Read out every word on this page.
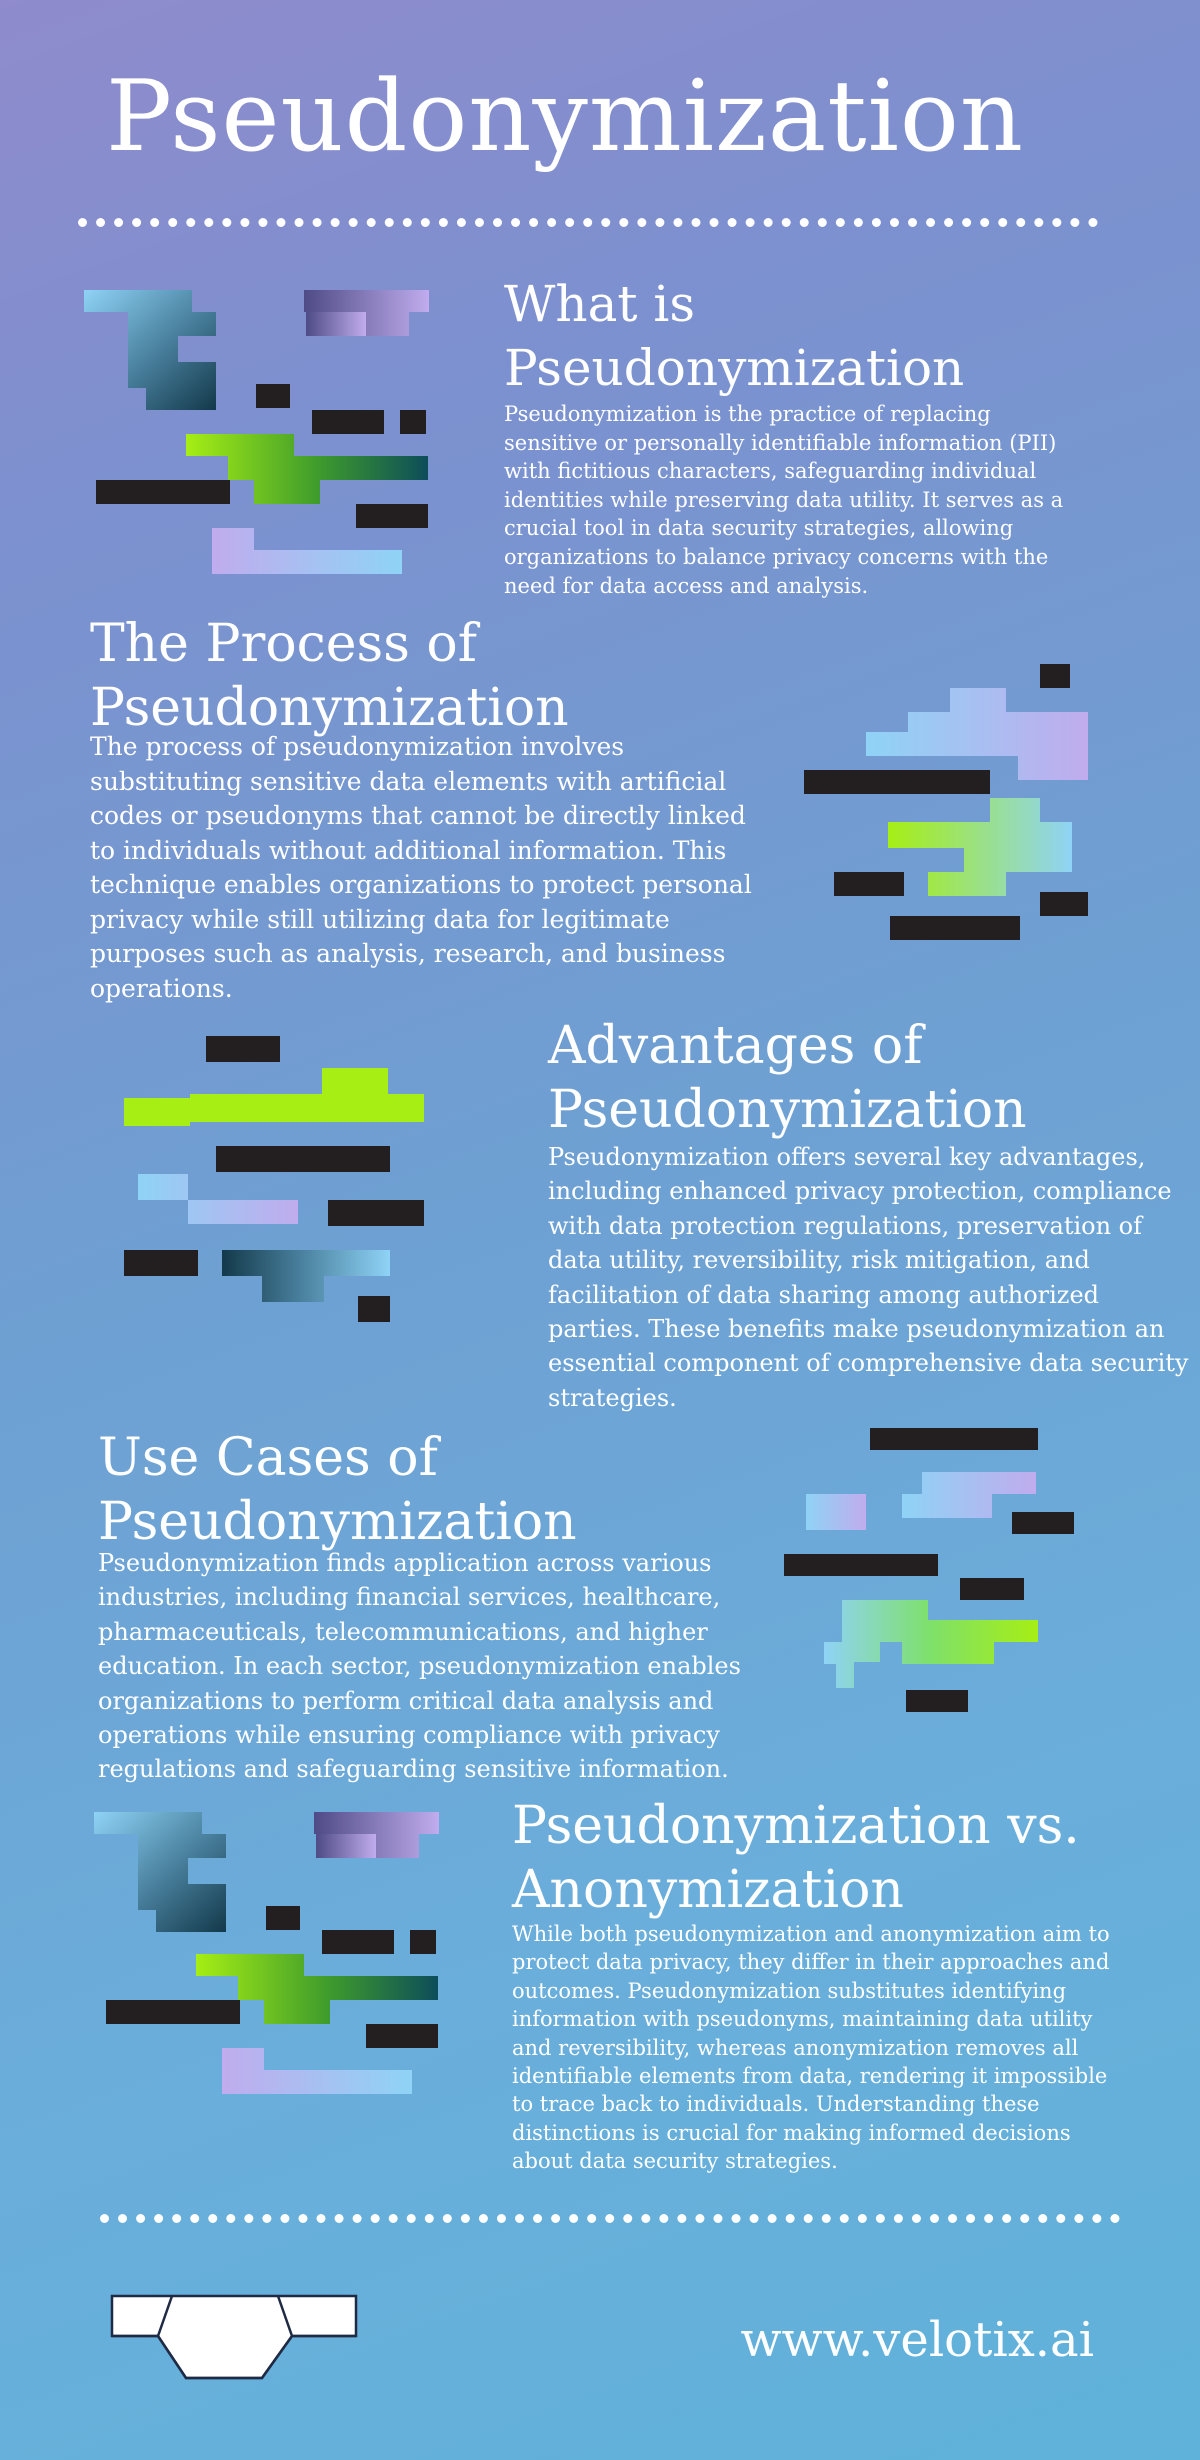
Pseudonymization
What is
Pseudonymization

Pseudonymization is the practice of replacing sensitive or personally identifiable information (PII) with fictitious characters, safeguarding individual identities while preserving data utility. It serves as a crucial tool in data security strategies, allowing organizations to balance privacy concerns with the need for data access and analysis.

The Process of
Pseudonymization

The process of pseudonymization involves substituting sensitive data elements with artificial codes or pseudonyms that cannot be directly linked to individuals without additional information. This technique enables organizations to protect personal privacy while still utilizing data for legitimate purposes such as analysis, research, and business operations.

Advantages of
Pseudonymization

Pseudonymization offers several key advantages, including enhanced privacy protection, compliance with data protection regulations, preservation of data utility, reversibility, risk mitigation, and facilitation of data sharing among authorized parties. These benefits make pseudonymization an essential component of comprehensive data security strategies.

Use Cases of
Pseudonymization

Pseudonymization finds application across various industries, including financial services, healthcare, pharmaceuticals, telecommunications, and higher education. In each sector, pseudonymization enables organizations to perform critical data analysis and operations while ensuring compliance with privacy regulations and safeguarding sensitive information.

Pseudonymization vs.
Anonymization

While both pseudonymization and anonymization aim to protect data privacy, they differ in their approaches and outcomes. Pseudonymization substitutes identifying information with pseudonyms, maintaining data utility and reversibility, whereas anonymization removes all identifiable elements from data, rendering it impossible to trace back to individuals. Understanding these distinctions is crucial for making informed decisions about data security strategies.

www.velotix.ai
